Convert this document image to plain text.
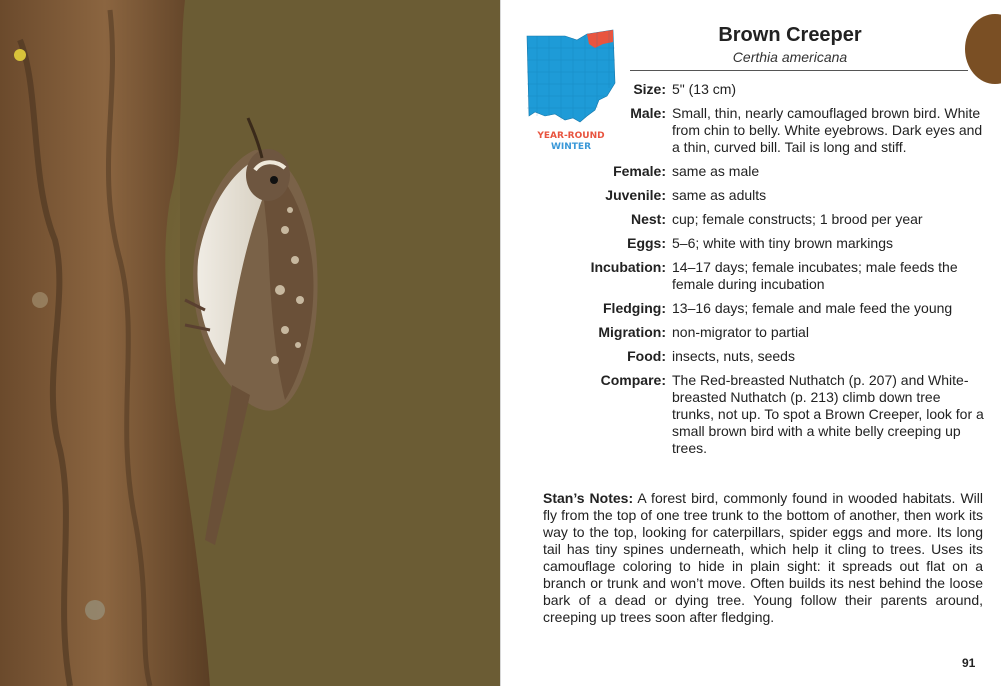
YEAR-ROUND
WINTER
Brown Creeper
Certhia americana
Size: 5" (13 cm)
Male: Small, thin, nearly camouflaged brown bird. White from chin to belly. White eyebrows. Dark eyes and a thin, curved bill. Tail is long and stiff.
Female: same as male
Juvenile: same as adults
Nest: cup; female constructs; 1 brood per year
Eggs: 5–6; white with tiny brown markings
Incubation: 14–17 days; female incubates; male feeds the female during incubation
Fledging: 13–16 days; female and male feed the young
Migration: non-migrator to partial
Food: insects, nuts, seeds
Compare: The Red-breasted Nuthatch (p. 207) and White-breasted Nuthatch (p. 213) climb down tree trunks, not up. To spot a Brown Creeper, look for a small brown bird with a white belly creeping up trees.
Stan’s Notes: A forest bird, commonly found in wooded habitats. Will fly from the top of one tree trunk to the bottom of another, then work its way to the top, looking for caterpillars, spider eggs and more. Its long tail has tiny spines underneath, which help it cling to trees. Uses its camouflage coloring to hide in plain sight: it spreads out flat on a branch or trunk and won’t move. Often builds its nest behind the loose bark of a dead or dying tree. Young follow their parents around, creeping up trees soon after fledging.
91
